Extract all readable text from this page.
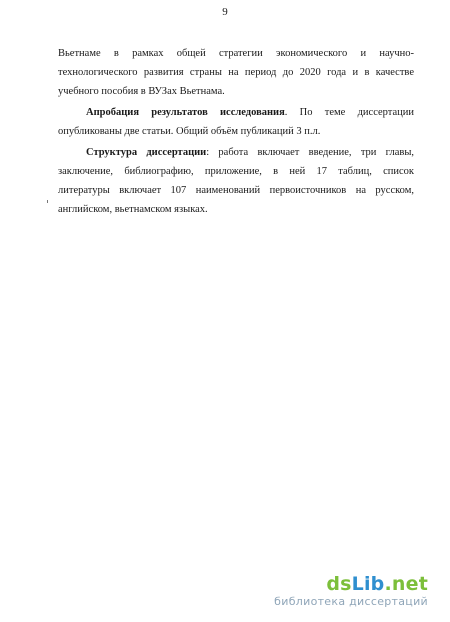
9
Вьетнаме в рамках общей стратегии экономического и научно-
технологического развития страны на период до 2020 года и в качестве
учебного пособия в ВУЗах Вьетнама.
Апробация результатов исследования. По теме диссертации
опубликованы две статьи. Общий объём публикаций 3 п.л.
Структура диссертации: работа включает введение, три главы,
заключение, библиографию, приложение, в ней 17 таблиц, список
литературы включает 107 наименований первоисточников на русском,
английском, вьетнамском языках.
dsLib.net
библиотека диссертаций
